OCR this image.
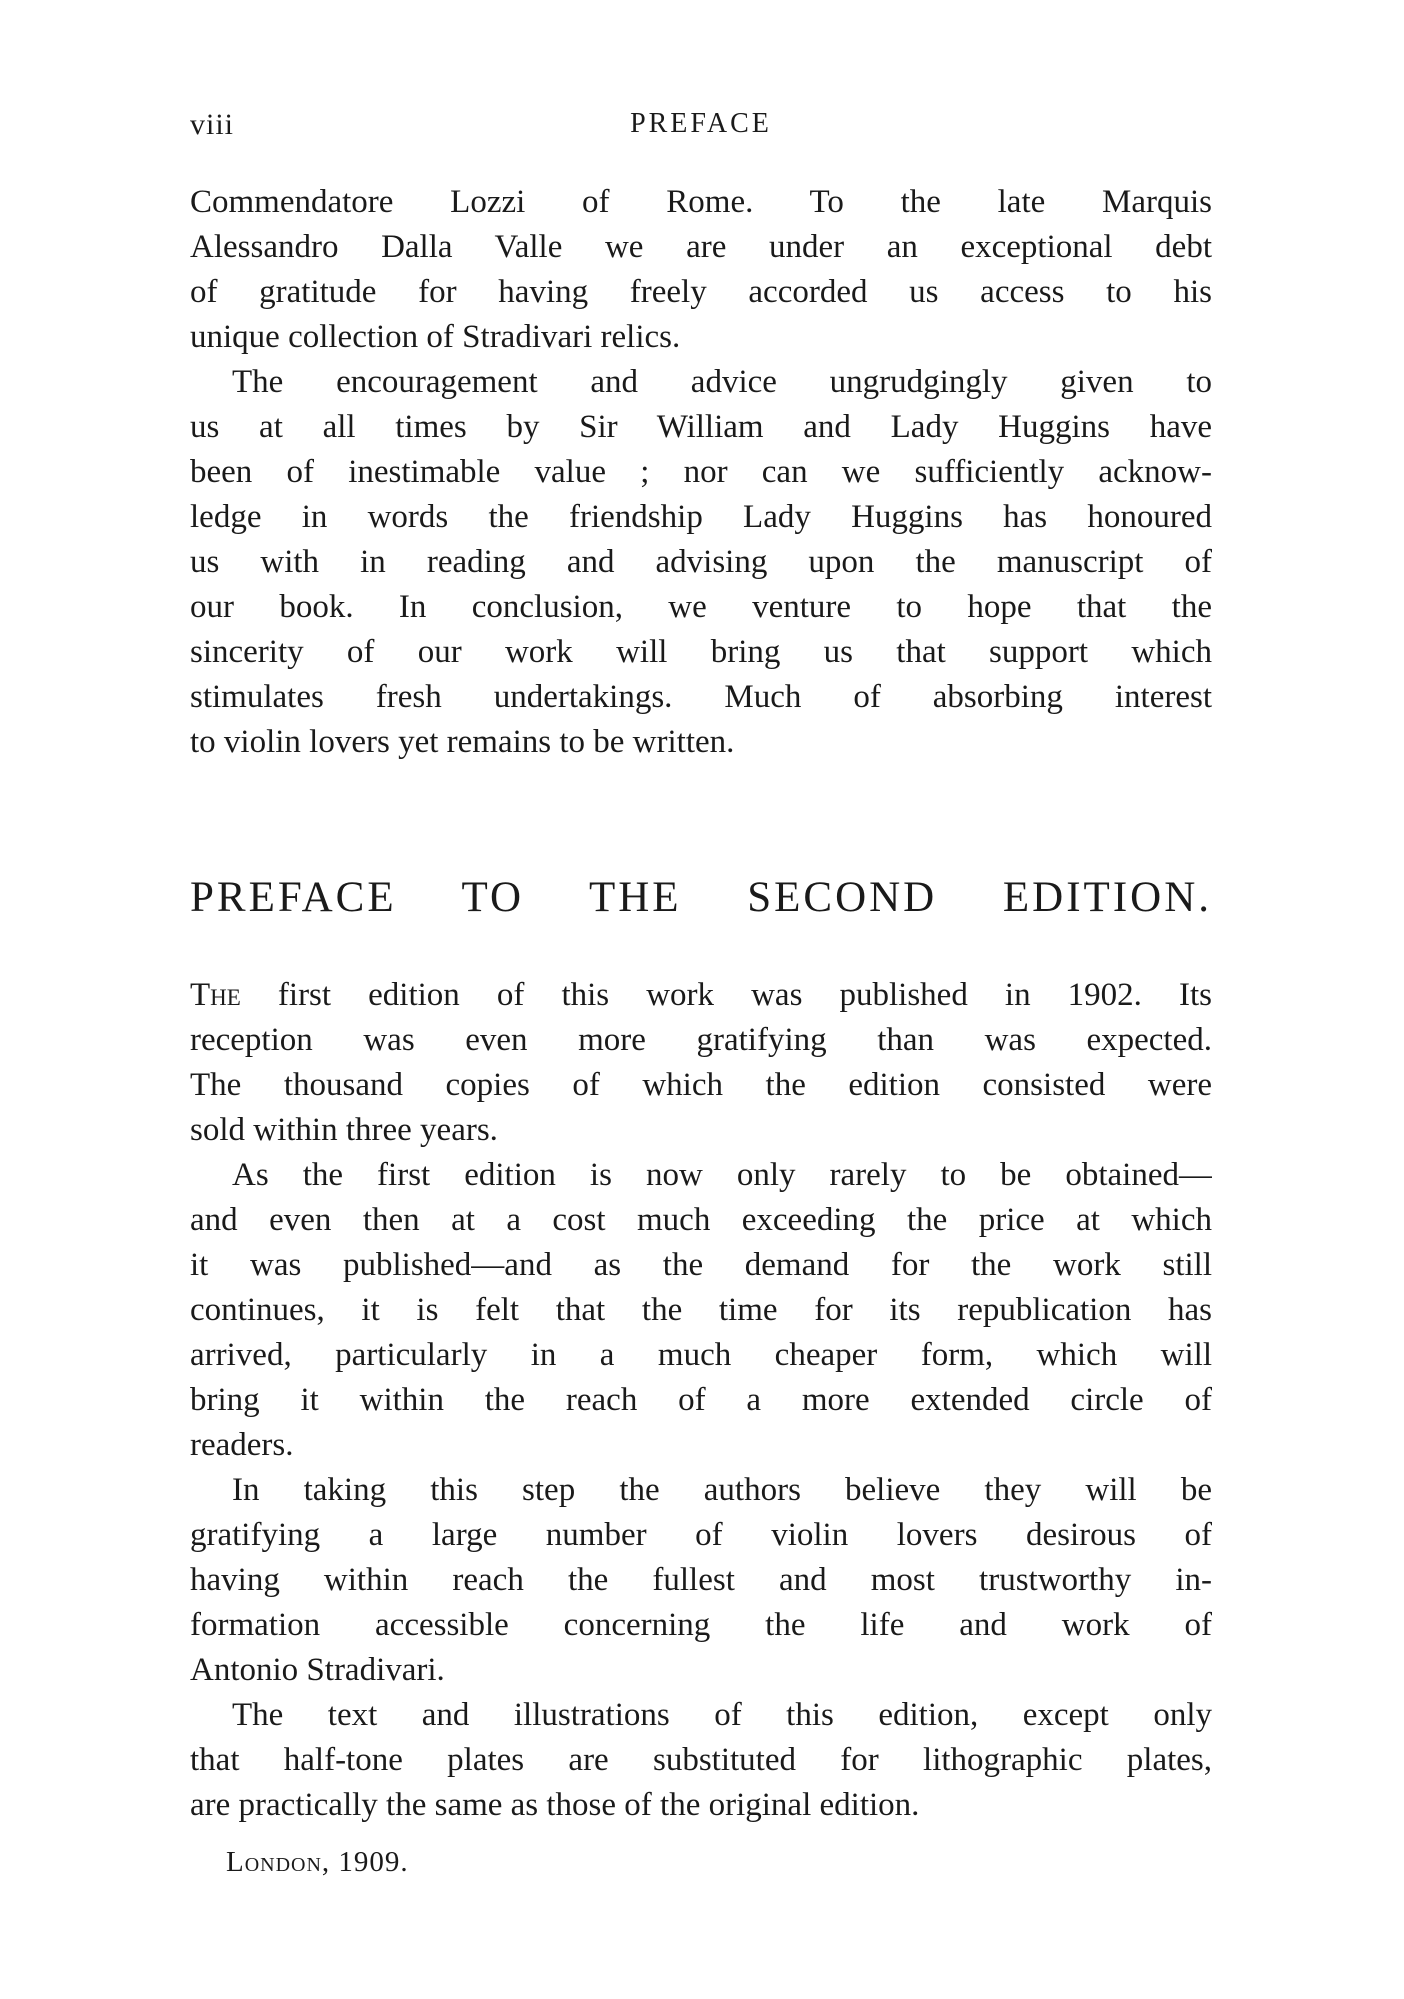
viii	PREFACE
Commendatore Lozzi of Rome. To the late Marquis
Alessandro Dalla Valle we are under an exceptional debt
of gratitude for having freely accorded us access to his
unique collection of Stradivari relics.
The encouragement and advice ungrudgingly given to
us at all times by Sir William and Lady Huggins have
been of inestimable value ; nor can we sufficiently acknow-
ledge in words the friendship Lady Huggins has honoured
us with in reading and advising upon the manuscript of
our book. In conclusion, we venture to hope that the
sincerity of our work will bring us that support which
stimulates fresh undertakings. Much of absorbing interest
to violin lovers yet remains to be written.
PREFACE TO THE SECOND EDITION.
The first edition of this work was published in 1902. Its
reception was even more gratifying than was expected.
The thousand copies of which the edition consisted were
sold within three years.
As the first edition is now only rarely to be obtained—
and even then at a cost much exceeding the price at which
it was published—and as the demand for the work still
continues, it is felt that the time for its republication has
arrived, particularly in a much cheaper form, which will
bring it within the reach of a more extended circle of
readers.
In taking this step the authors believe they will be
gratifying a large number of violin lovers desirous of
having within reach the fullest and most trustworthy in-
formation accessible concerning the life and work of
Antonio Stradivari.
The text and illustrations of this edition, except only
that half-tone plates are substituted for lithographic plates,
are practically the same as those of the original edition.
London, 1909.
